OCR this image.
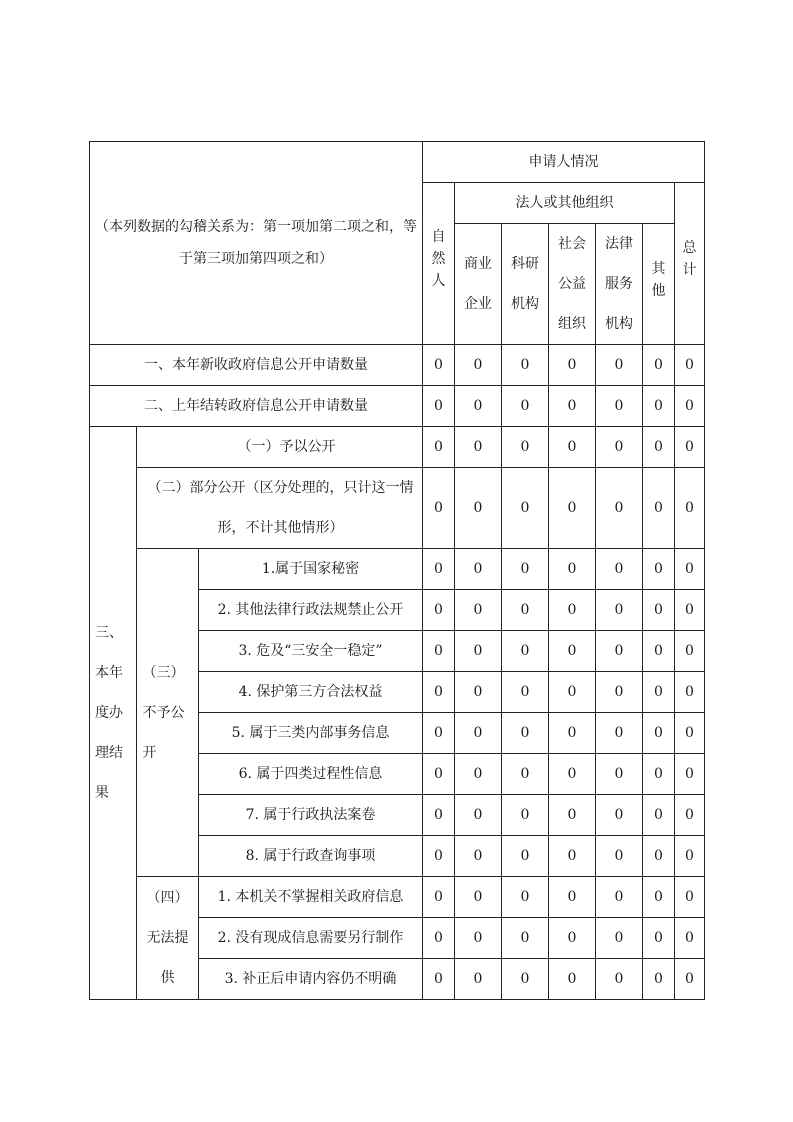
（本列数据的勾稽关系为：第一项加第二项之和，等于第三项加第四项之和）			申请人情况						
			自然人	法人或其他组织					总计
				商业企业	科研机构	社会公益组织	法律服务机构	其他	

一、本年新收政府信息公开申请数量			0	0	0	0	0	0	0
二、上年结转政府信息公开申请数量			0	0	0	0	0	0	0
三、本年度办理结果	（一）予以公开		0	0	0	0	0	0	0
	（二）部分公开（区分处理的，只计这一情形，不计其他情形）		0	0	0	0	0	0	0
	（三）不予公开	1.属于国家秘密	0	0	0	0	0	0	0
		2. 其他法律行政法规禁止公开	0	0	0	0	0	0	0
		3. 危及“三安全一稳定”	0	0	0	0	0	0	0
		4. 保护第三方合法权益	0	0	0	0	0	0	0
		5. 属于三类内部事务信息	0	0	0	0	0	0	0
		6. 属于四类过程性信息	0	0	0	0	0	0	0
		7. 属于行政执法案卷	0	0	0	0	0	0	0
		8. 属于行政查询事项	0	0	0	0	0	0	0
	（四）无法提供	1. 本机关不掌握相关政府信息	0	0	0	0	0	0	0
		2. 没有现成信息需要另行制作	0	0	0	0	0	0	0
		3. 补正后申请内容仍不明确	0	0	0	0	0	0	0
